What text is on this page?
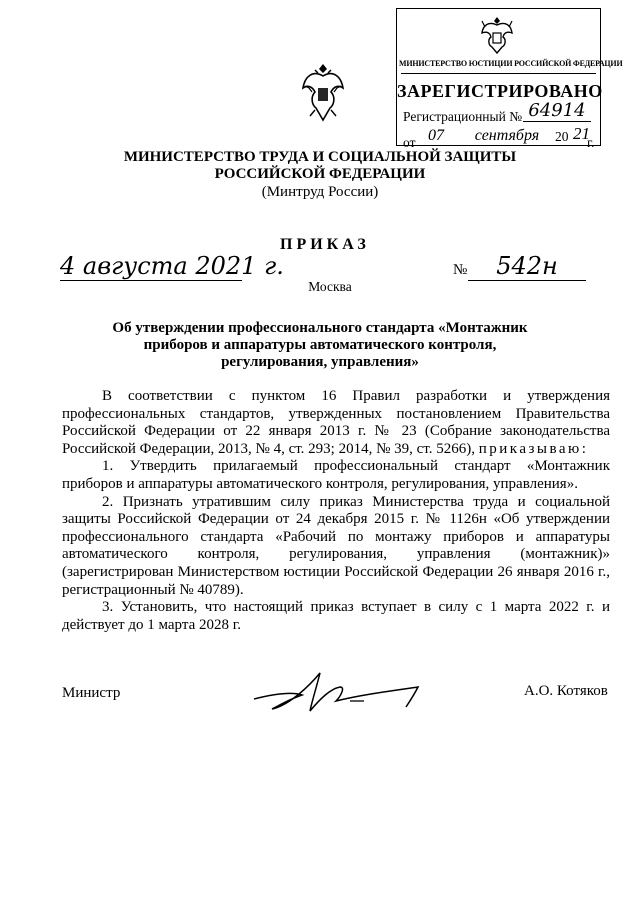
МИНИСТЕРСТВО ЮСТИЦИИ РОССИЙСКОЙ ФЕДЕРАЦИИ
ЗАРЕГИСТРИРОВАНО
Регистрационный № 64914
от 07	сентября	20 21
г.
МИНИСТЕРСТВО ТРУДА И СОЦИАЛЬНОЙ ЗАЩИТЫ РОССИЙСКОЙ ФЕДЕРАЦИИ
(Минтруд России)
ПРИКАЗ
4 августа 2021 г.	№	542н
Москва
Об утверждении профессионального стандарта «Монтажник приборов и аппаратуры автоматического контроля, регулирования, управления»

В соответствии с пунктом 16 Правил разработки и утверждения профессиональных стандартов, утвержденных постановлением Правительства Российской Федерации от 22 января 2013 г. № 23 (Собрание законодательства Российской Федерации, 2013, № 4, ст. 293; 2014, № 39, ст. 5266), приказываю:

1. Утвердить прилагаемый профессиональный стандарт «Монтажник приборов и аппаратуры автоматического контроля, регулирования, управления».

2. Признать утратившим силу приказ Министерства труда и социальной защиты Российской Федерации от 24 декабря 2015 г. № 1126н «Об утверждении профессионального стандарта «Рабочий по монтажу приборов и аппаратуры автоматического контроля, регулирования, управления (монтажник)» (зарегистрирован Министерством юстиции Российской Федерации 26 января 2016 г., регистрационный № 40789).

3. Установить, что настоящий приказ вступает в силу с 1 марта 2022 г. и действует до 1 марта 2028 г.

Министр	А.О. Котяков
